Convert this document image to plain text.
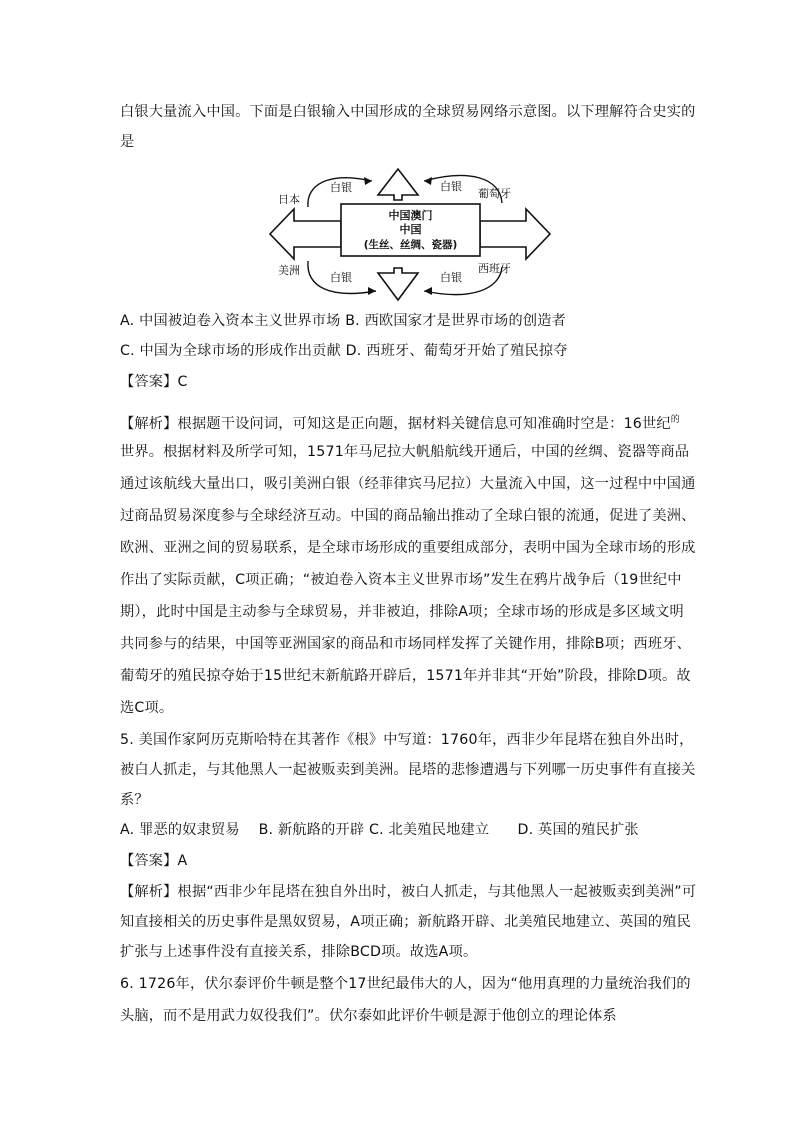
白银大量流入中国。下面是白银输入中国形成的全球贸易网络示意图。以下理解符合史实的
是
中国澳门
中国
(生丝、丝绸、瓷器)
日本	葡萄牙
美洲	西班牙
白银	白银
白银	白银
A. 中国被迫卷入资本主义世界市场 B. 西欧国家才是世界市场的创造者
C. 中国为全球市场的形成作出贡献 D. 西班牙、葡萄牙开始了殖民掠夺
【答案】C
【解析】根据题干设问词，可知这是正向题，据材料关键信息可知准确时空是：16世纪$^的$
世界。根据材料及所学可知，1571年马尼拉大帆船航线开通后，中国的丝绸、瓷器等商品
通过该航线大量出口，吸引美洲白银（经菲律宾马尼拉）大量流入中国，这一过程中中国通
过商品贸易深度参与全球经济互动。中国的商品输出推动了全球白银的流通，促进了美洲、
欧洲、亚洲之间的贸易联系，是全球市场形成的重要组成部分，表明中国为全球市场的形成
作出了实际贡献，C项正确；“被迫卷入资本主义世界市场”发生在鸦片战争后（19世纪中
期），此时中国是主动参与全球贸易，并非被迫，排除A项；全球市场的形成是多区域文明
共同参与的结果，中国等亚洲国家的商品和市场同样发挥了关键作用，排除B项；西班牙、
葡萄牙的殖民掠夺始于15世纪末新航路开辟后，1571年并非其“开始”阶段，排除D项。故
选C项。
5. 美国作家阿历克斯哈特在其著作《根》中写道：1760年，西非少年昆塔在独自外出时，
被白人抓走，与其他黑人一起被贩卖到美洲。昆塔的悲惨遭遇与下列哪一历史事件有直接关
系？
A. 罪恶的奴隶贸易    B. 新航路的开辟 C. 北美殖民地建立      D. 英国的殖民扩张
【答案】A
【解析】根据“西非少年昆塔在独自外出时，被白人抓走，与其他黑人一起被贩卖到美洲”可
知直接相关的历史事件是黑奴贸易，A项正确；新航路开辟、北美殖民地建立、英国的殖民
扩张与上述事件没有直接关系，排除BCD项。故选A项。
6. 1726年，伏尔泰评价牛顿是整个17世纪最伟大的人，因为“他用真理的力量统治我们的
头脑，而不是用武力奴役我们”。伏尔泰如此评价牛顿是源于他创立的理论体系
